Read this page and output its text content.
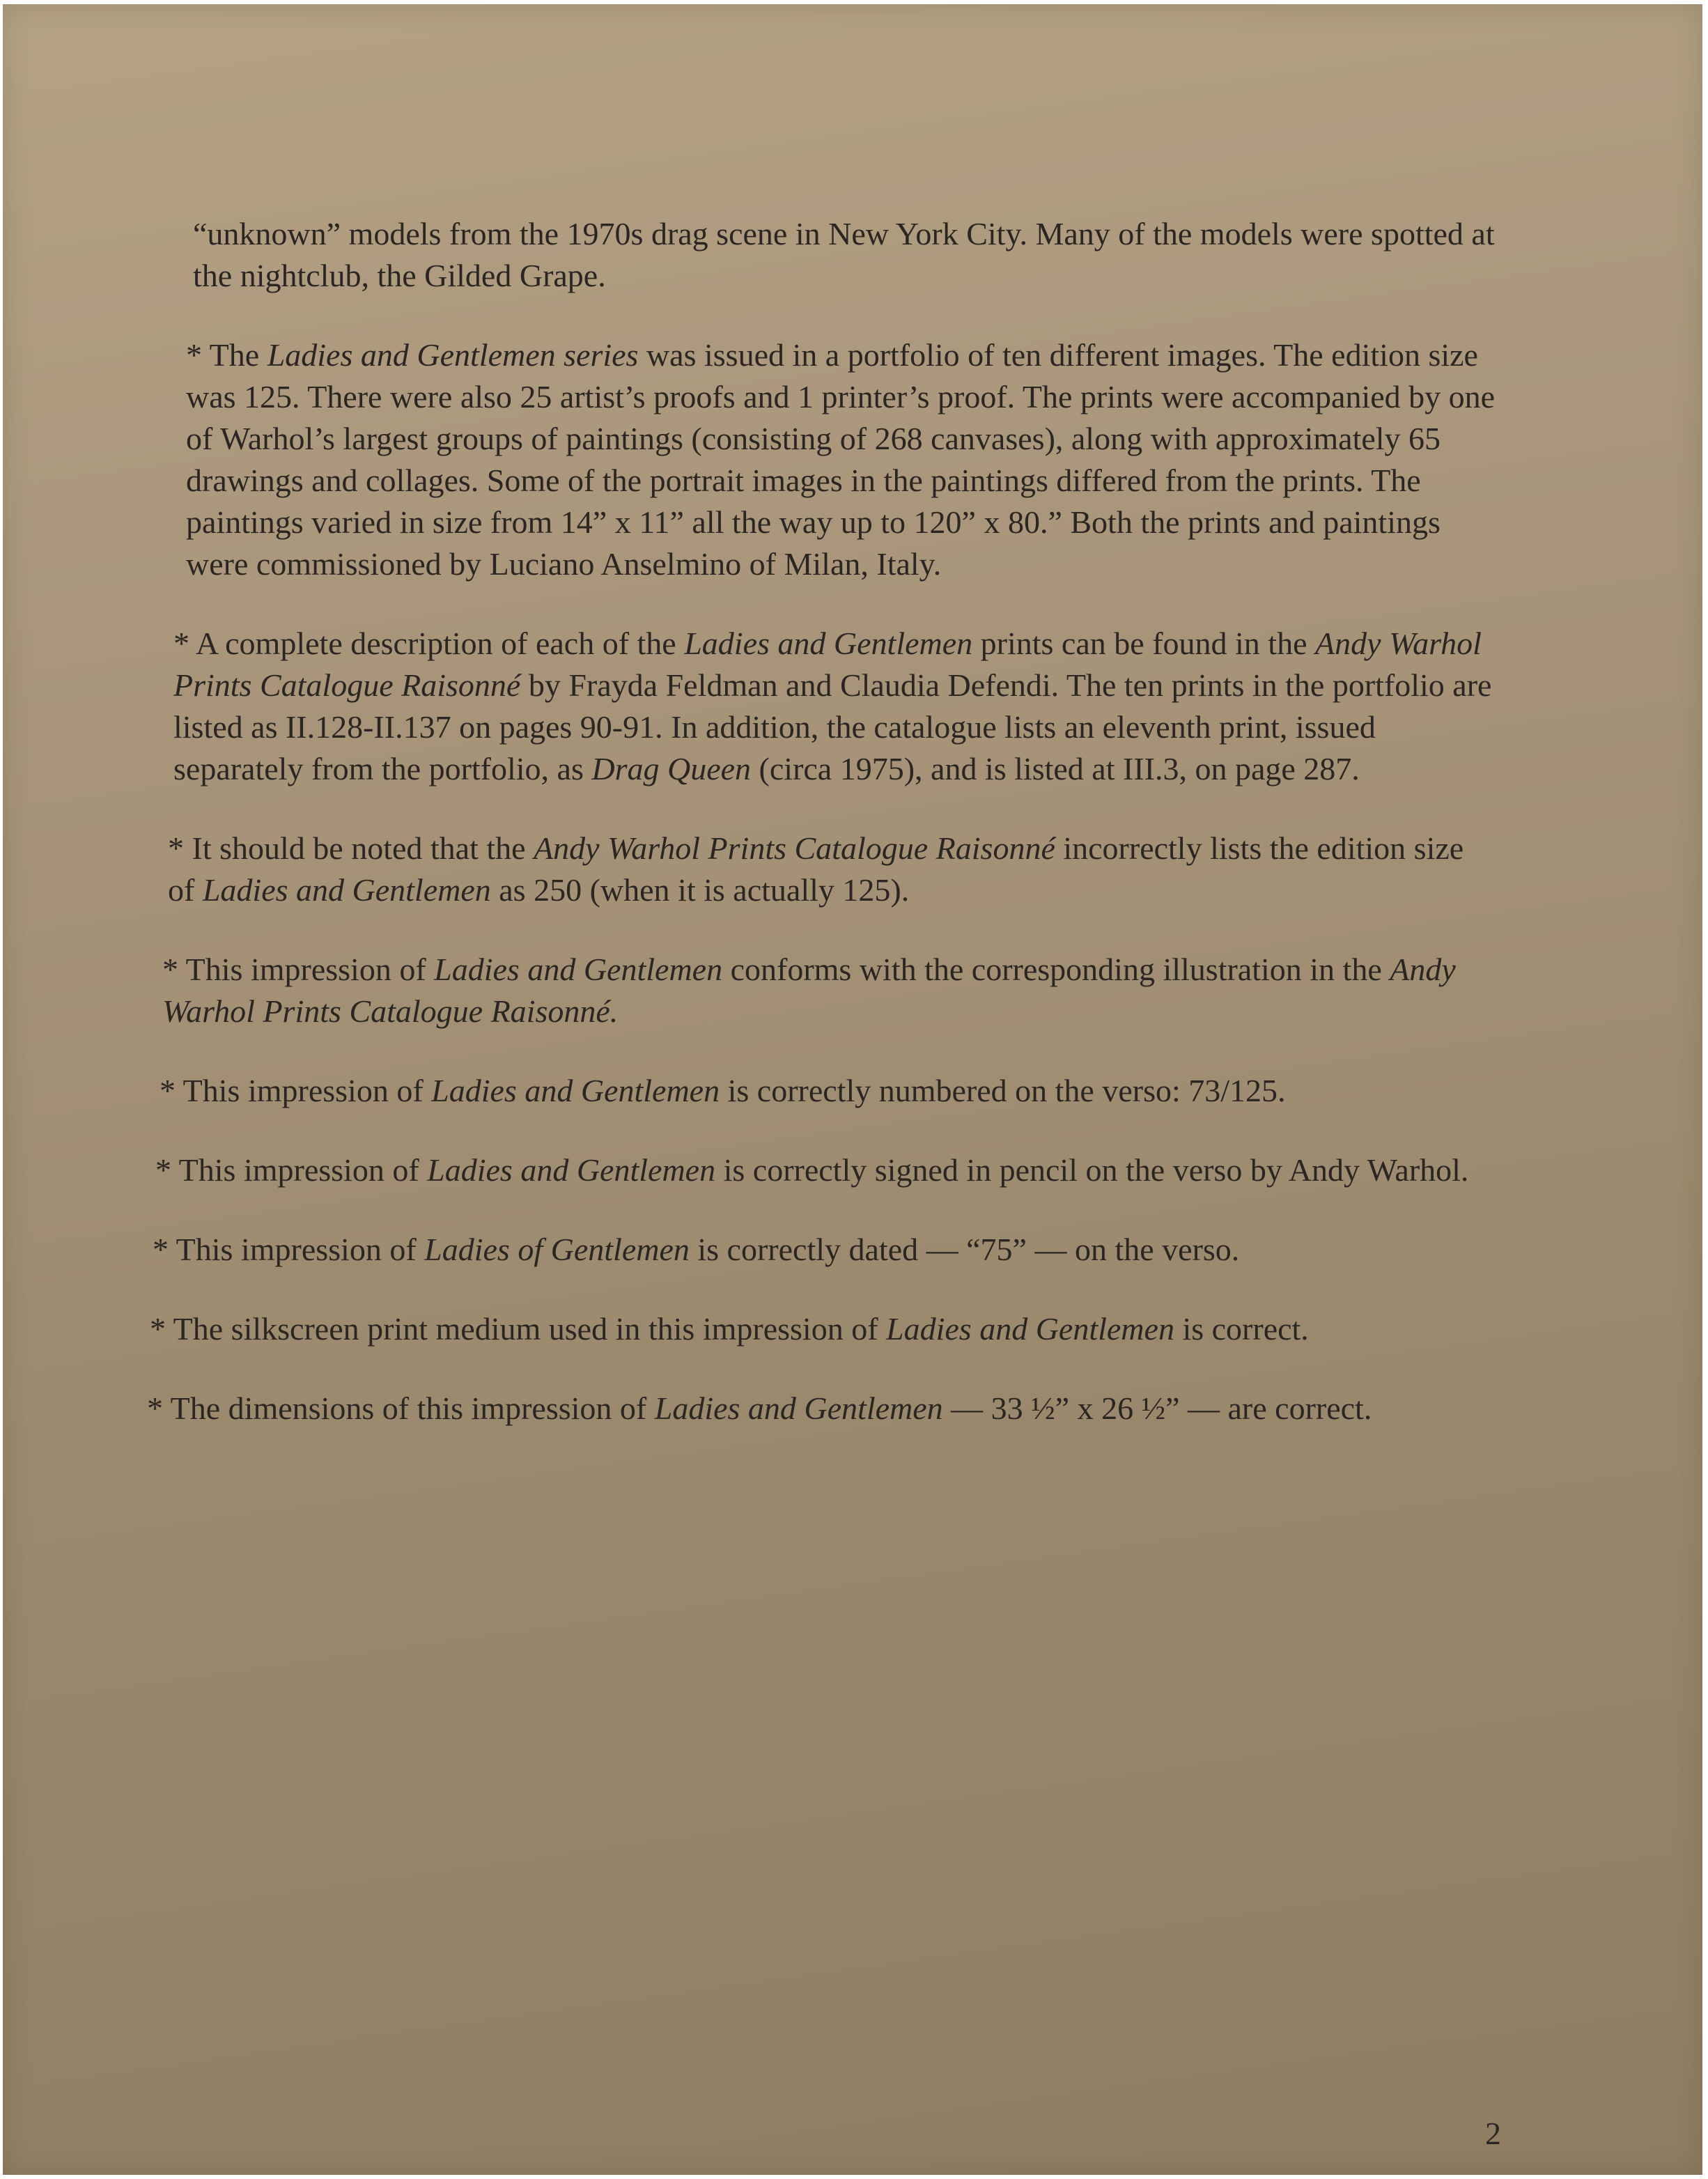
“unknown” models from the 1970s drag scene in New York City. Many of the models were spotted at the nightclub, the Gilded Grape.

* The Ladies and Gentlemen series was issued in a portfolio of ten different images. The edition size was 125. There were also 25 artist’s proofs and 1 printer’s proof. The prints were accompanied by one of Warhol’s largest groups of paintings (consisting of 268 canvases), along with approximately 65 drawings and collages. Some of the portrait images in the paintings differed from the prints. The paintings varied in size from 14” x 11” all the way up to 120” x 80.” Both the prints and paintings were commissioned by Luciano Anselmino of Milan, Italy.

* A complete description of each of the Ladies and Gentlemen prints can be found in the Andy Warhol Prints Catalogue Raisonné by Frayda Feldman and Claudia Defendi. The ten prints in the portfolio are listed as II.128-II.137 on pages 90-91. In addition, the catalogue lists an eleventh print, issued separately from the portfolio, as Drag Queen (circa 1975), and is listed at III.3, on page 287.

* It should be noted that the Andy Warhol Prints Catalogue Raisonné incorrectly lists the edition size of Ladies and Gentlemen as 250 (when it is actually 125).

* This impression of Ladies and Gentlemen conforms with the corresponding illustration in the Andy Warhol Prints Catalogue Raisonné.

* This impression of Ladies and Gentlemen is correctly numbered on the verso: 73/125.

* This impression of Ladies and Gentlemen is correctly signed in pencil on the verso by Andy Warhol.

* This impression of Ladies of Gentlemen is correctly dated — “75” — on the verso.

* The silkscreen print medium used in this impression of Ladies and Gentlemen is correct.

* The dimensions of this impression of Ladies and Gentlemen — 33 ½” x 26 ½” — are correct.

2
